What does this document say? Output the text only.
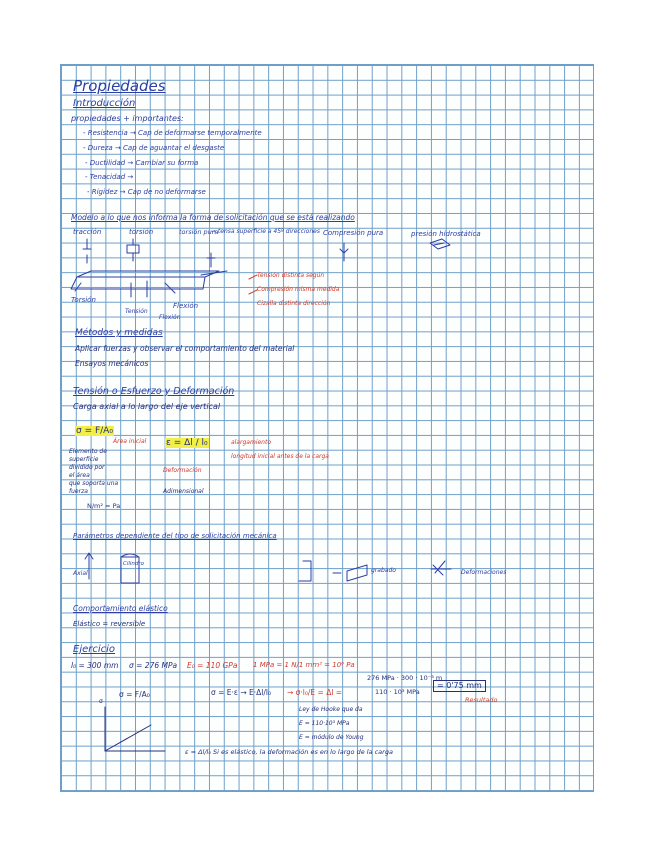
Propiedades
Introducción
propiedades + importantes:
- Resistencia → Cap de deformarse temporalmente
- Dureza → Cap de aguantar el desgaste
- Ductilidad → Cambiar su forma
- Tenacidad →
- Rigidez → Cap de no deformarse
Modelo a lo que nos informa la forma de solicitación que se está realizando
tracción	torsión	torsión pura
→ tensa superficie a 45º direcciones Compresión pura	presión hidrostática
Torsión
Tensión
Flexión
Flexión
Tensión distinta según
Compresión misma medida
Cizalla distinta dirección
Métodos y medidas
Aplicar fuerzas y observar el comportamiento del material
Ensayos mecánicos
Tensión o Esfuerzo y Deformación
Carga axial a lo largo del eje vertical
σ = F/A₀
Área inicial ε = Δl / l₀	alargamiento
longitud inicial antes de la carga
Deformación
Adimensional
Elemento de
superficie
dividido por
el área
que soporta una
fuerza
N/m² = Pa
Parámetros dependiente del tipo de solicitación mecánica
Axial
Cilindro
grabado	Deformaciones
Comportamiento elástico
Elástico = reversible
Ejercicio
l₀ = 300 mm σ = 276 MPa E₀ = 110 GPa 1 MPa = 1 N/1 mm² = 10⁶ Pa
σ = F/A₀	σ = E·ε → E·Δl/l₀ → σ·l₀/E = Δl =
276 MPa · 300 · 10⁻³ m
110 · 10³ MPa
= 0'75 mm
Resultado
Ley de Hooke que da
E = 110·10³ MPa
E = módulo de Young
σ
ε = Δl/l₀ Si es elástico, la deformación es en lo largo de la carga
